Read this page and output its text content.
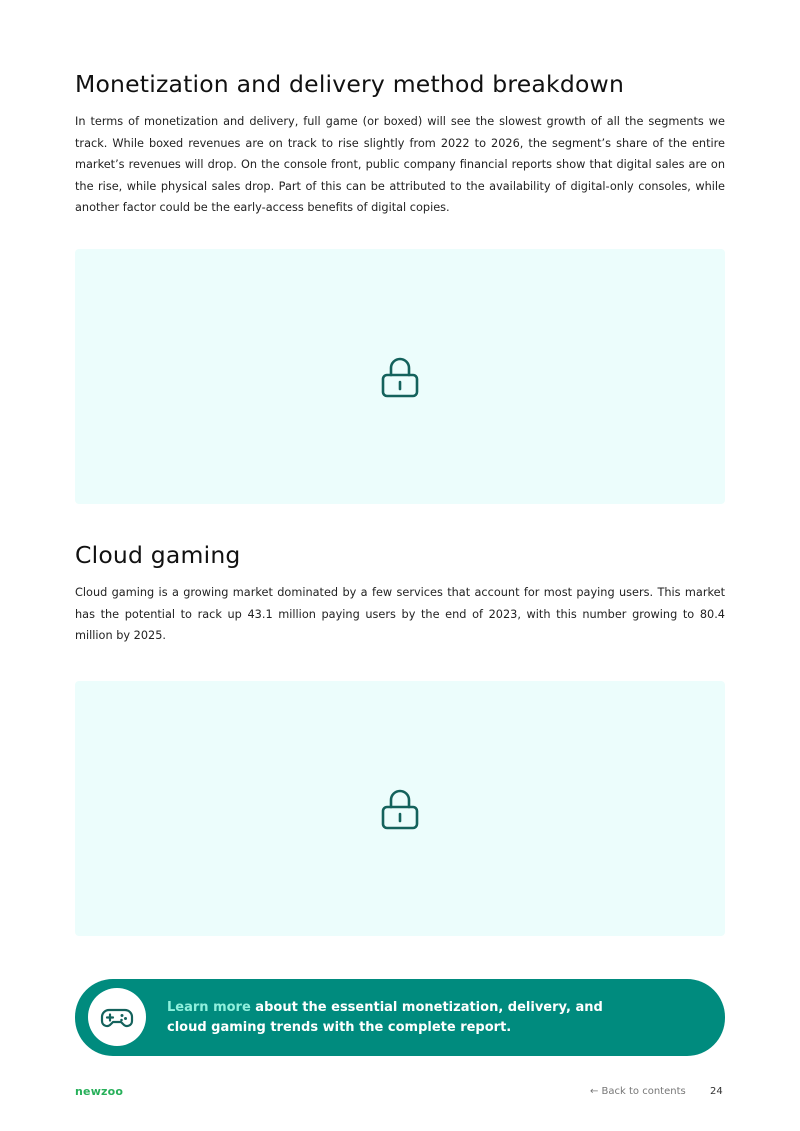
Monetization and delivery method breakdown

In terms of monetization and delivery, full game (or boxed) will see the slowest growth of all the segments we track. While boxed revenues are on track to rise slightly from 2022 to 2026, the segment’s share of the entire market’s revenues will drop. On the console front, public company financial reports show that digital sales are on the rise, while physical sales drop. Part of this can be attributed to the availability of digital-only consoles, while another factor could be the early-access benefits of digital copies.

Cloud gaming

Cloud gaming is a growing market dominated by a few services that account for most paying users. This market has the potential to rack up 43.1 million paying users by the end of 2023, with this number growing to 80.4 million by 2025.

Learn more about the essential monetization, delivery, and cloud gaming trends with the complete report.
newzoo	← Back to contents 24
